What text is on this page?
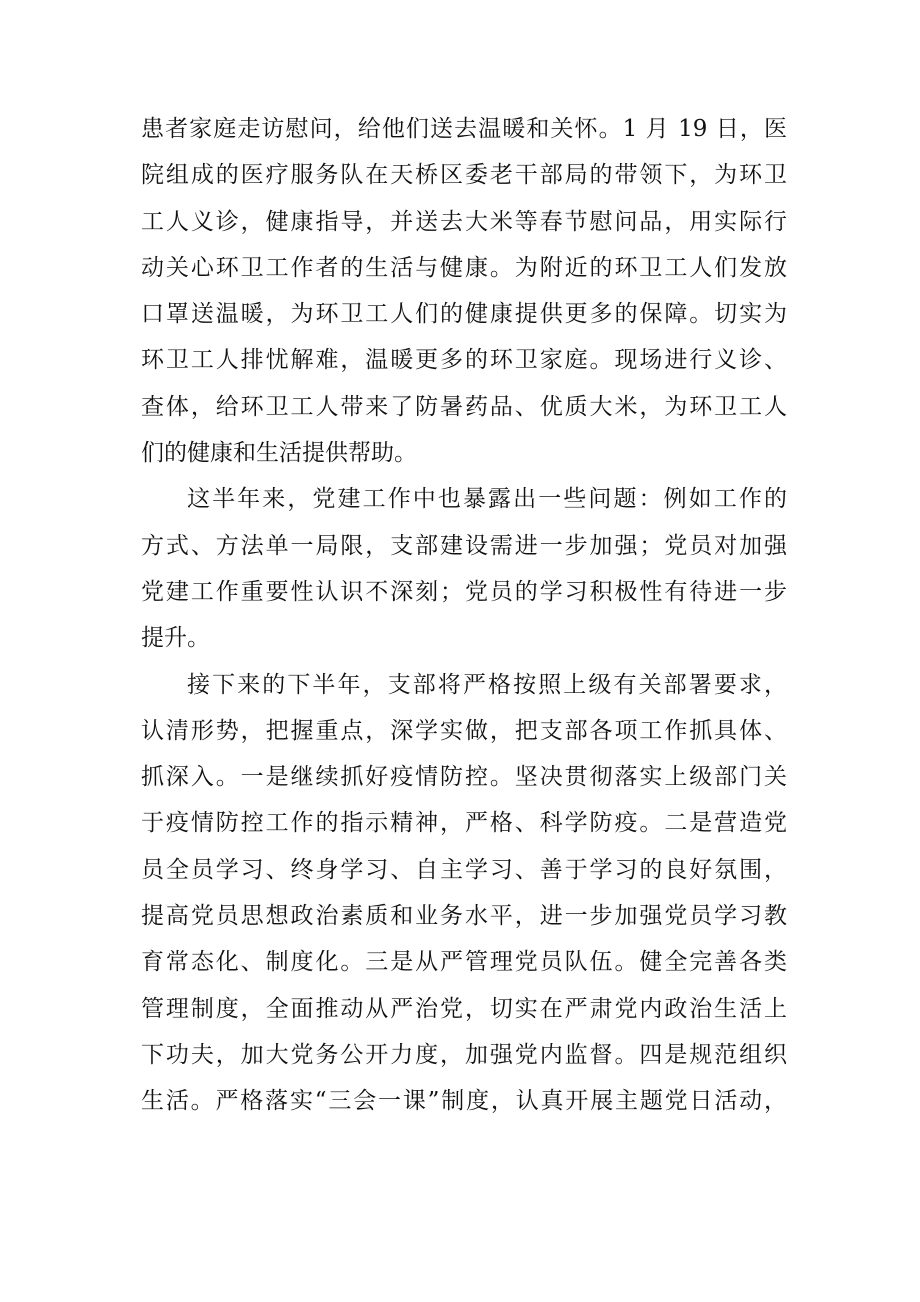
患者家庭走访慰问，给他们送去温暖和关怀。1 月 19 日，医
院组成的医疗服务队在天桥区委老干部局的带领下，为环卫
工人义诊，健康指导，并送去大米等春节慰问品，用实际行
动关心环卫工作者的生活与健康。为附近的环卫工人们发放
口罩送温暖，为环卫工人们的健康提供更多的保障。切实为
环卫工人排忧解难，温暖更多的环卫家庭。现场进行义诊、
查体，给环卫工人带来了防暑药品、优质大米，为环卫工人
们的健康和生活提供帮助。
这半年来，党建工作中也暴露出一些问题：例如工作的
方式、方法单一局限，支部建设需进一步加强；党员对加强
党建工作重要性认识不深刻；党员的学习积极性有待进一步
提升。
接下来的下半年，支部将严格按照上级有关部署要求，
认清形势，把握重点，深学实做，把支部各项工作抓具体、
抓深入。一是继续抓好疫情防控。坚决贯彻落实上级部门关
于疫情防控工作的指示精神，严格、科学防疫。二是营造党
员全员学习、终身学习、自主学习、善于学习的良好氛围，
提高党员思想政治素质和业务水平，进一步加强党员学习教
育常态化、制度化。三是从严管理党员队伍。健全完善各类
管理制度，全面推动从严治党，切实在严肃党内政治生活上
下功夫，加大党务公开力度，加强党内监督。四是规范组织
生活。严格落实“三会一课”制度，认真开展主题党日活动，
